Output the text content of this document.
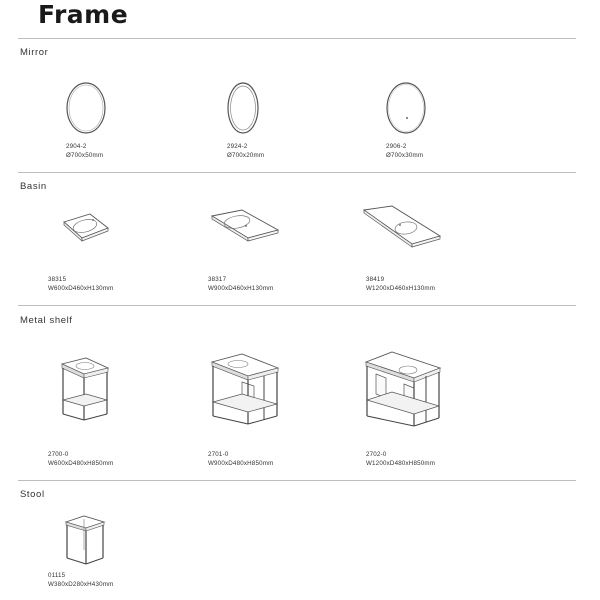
Frame
Mirror
2904-2
Ø700x50mm
2924-2
Ø700x20mm
2906-2
Ø700x30mm
Basin
38315
W600xD460xH130mm
38317
W900xD460xH130mm
38419
W1200xD460xH130mm
Metal shelf
2700-0
W600xD480xH850mm
2701-0
W900xD480xH850mm
2702-0
W1200xD480xH850mm
Stool
01115
W380xD280xH430mm
